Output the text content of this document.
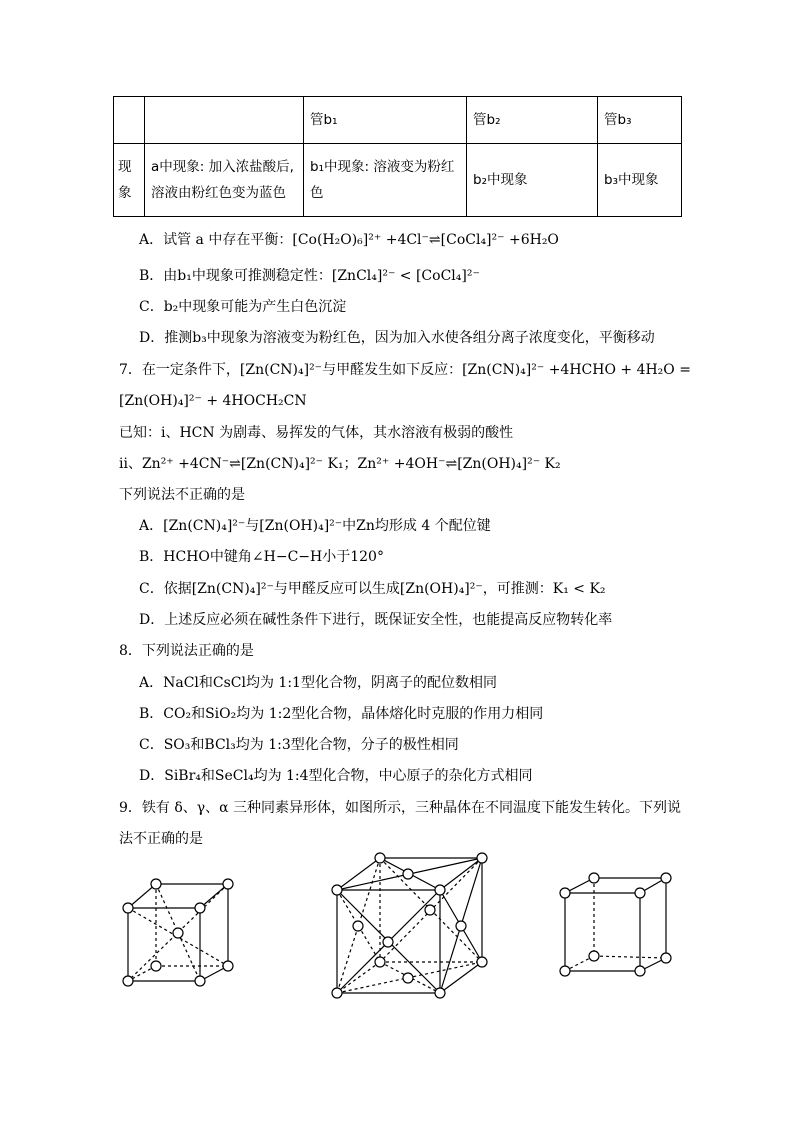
		管b₁	管b₂	管b₃
现象	a中现象: 加入浓盐酸后,溶液由粉红色变为蓝色	b₁中现象: 溶液变为粉红色	b₂中现象	b₃中现象
A．试管 a 中存在平衡：[Co(H₂O)₆]²⁺ +4Cl⁻⇌[CoCl₄]²⁻ +6H₂O
B．由b₁中现象可推测稳定性：[ZnCl₄]²⁻ < [CoCl₄]²⁻
C．b₂中现象可能为产生白色沉淀
D．推测b₃中现象为溶液变为粉红色，因为加入水使各组分离子浓度变化，平衡移动
7．在一定条件下，[Zn(CN)₄]²⁻与甲醛发生如下反应：[Zn(CN)₄]²⁻ +4HCHO + 4H₂O =
[Zn(OH)₄]²⁻ + 4HOCH₂CN
已知：i、HCN 为剧毒、易挥发的气体，其水溶液有极弱的酸性
ii、Zn²⁺ +4CN⁻⇌[Zn(CN)₄]²⁻ K₁；Zn²⁺ +4OH⁻⇌[Zn(OH)₄]²⁻ K₂
下列说法不正确的是
A．[Zn(CN)₄]²⁻与[Zn(OH)₄]²⁻中Zn均形成 4 个配位键
B．HCHO中键角∠H−C−H小于120°
C．依据[Zn(CN)₄]²⁻与甲醛反应可以生成[Zn(OH)₄]²⁻，可推测：K₁ < K₂
D．上述反应必须在碱性条件下进行，既保证安全性，也能提高反应物转化率
8．下列说法正确的是
A．NaCl和CsCl均为 1:1型化合物，阴离子的配位数相同
B．CO₂和SiO₂均为 1:2型化合物，晶体熔化时克服的作用力相同
C．SO₃和BCl₃均为 1:3型化合物，分子的极性相同
D．SiBr₄和SeCl₄均为 1:4型化合物，中心原子的杂化方式相同
9．铁有 δ、γ、α 三种同素异形体，如图所示，三种晶体在不同温度下能发生转化。下列说
法不正确的是
